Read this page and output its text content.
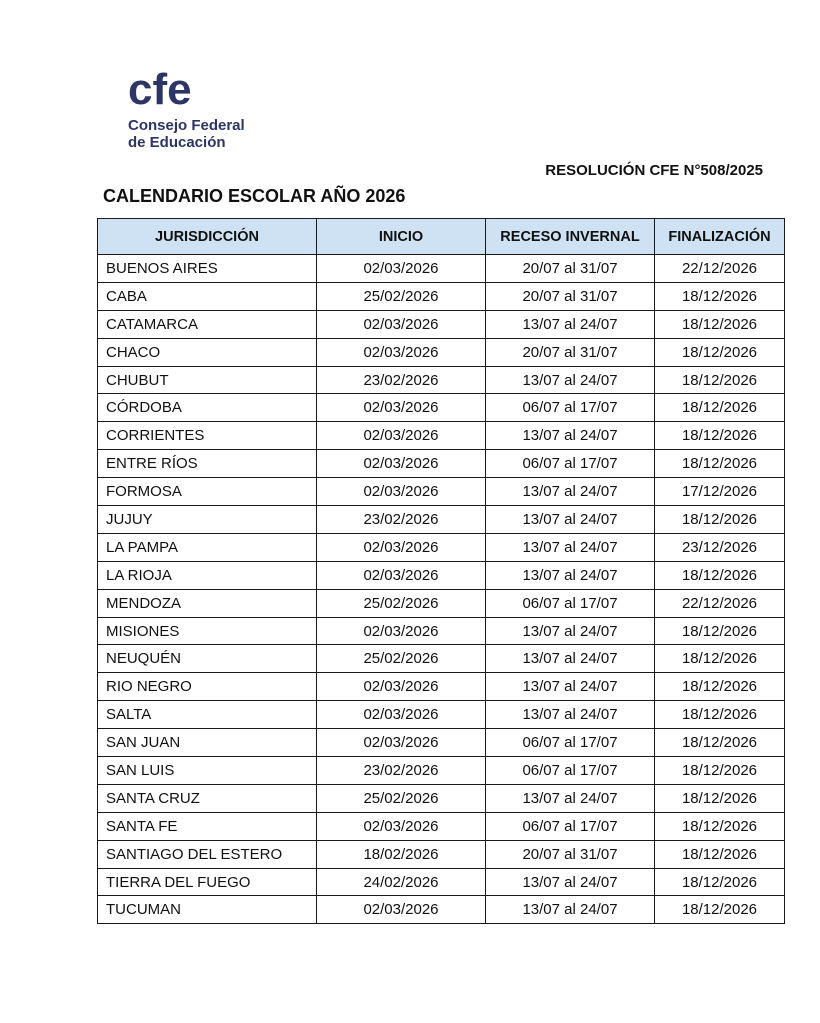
cfe
Consejo Federal
de Educación
RESOLUCIÓN CFE N°508/2025
CALENDARIO ESCOLAR AÑO 2026
JURISDICCIÓN	INICIO	RECESO INVERNAL	FINALIZACIÓN
BUENOS AIRES	02/03/2026	20/07 al 31/07	22/12/2026
CABA	25/02/2026	20/07 al 31/07	18/12/2026
CATAMARCA	02/03/2026	13/07 al 24/07	18/12/2026
CHACO	02/03/2026	20/07 al 31/07	18/12/2026
CHUBUT	23/02/2026	13/07 al 24/07	18/12/2026
CÓRDOBA	02/03/2026	06/07 al 17/07	18/12/2026
CORRIENTES	02/03/2026	13/07 al 24/07	18/12/2026
ENTRE RÍOS	02/03/2026	06/07 al 17/07	18/12/2026
FORMOSA	02/03/2026	13/07 al 24/07	17/12/2026
JUJUY	23/02/2026	13/07 al 24/07	18/12/2026
LA PAMPA	02/03/2026	13/07 al 24/07	23/12/2026
LA RIOJA	02/03/2026	13/07 al 24/07	18/12/2026
MENDOZA	25/02/2026	06/07 al 17/07	22/12/2026
MISIONES	02/03/2026	13/07 al 24/07	18/12/2026
NEUQUÉN	25/02/2026	13/07 al 24/07	18/12/2026
RIO NEGRO	02/03/2026	13/07 al 24/07	18/12/2026
SALTA	02/03/2026	13/07 al 24/07	18/12/2026
SAN JUAN	02/03/2026	06/07 al 17/07	18/12/2026
SAN LUIS	23/02/2026	06/07 al 17/07	18/12/2026
SANTA CRUZ	25/02/2026	13/07 al 24/07	18/12/2026
SANTA FE	02/03/2026	06/07 al 17/07	18/12/2026
SANTIAGO DEL ESTERO	18/02/2026	20/07 al 31/07	18/12/2026
TIERRA DEL FUEGO	24/02/2026	13/07 al 24/07	18/12/2026
TUCUMAN	02/03/2026	13/07 al 24/07	18/12/2026
